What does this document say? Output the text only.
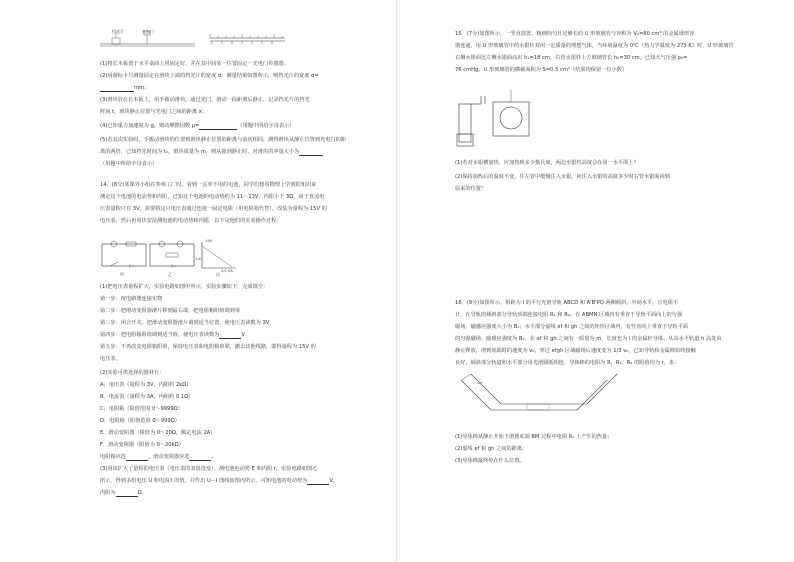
挡光片	光电门
(1)将长木板置于水平桌面上用固定好，并在其中间某一位置固定一光电门传感器；
(2)用游标卡尺测量固定在滑块上端的挡光片的宽度 d，测量结果如图所示，则挡光片的宽度 d=
mm；
(3)滑块放在长木板上，用手拨动滑块，通过光门，滑动一段距离后静止，记录挡光片的挡光
时间 t，滑块静止位置与光电门之间的距离 x；
(4)已知重力加速度为 g，则动摩擦因数 μ=	（用题中所给字母表示）
(5)若其次实验时，手拨动滑块的位置到滑块静止位置的距离与前次相同，测得滑块从静止位置到光电门的距
离的两倍，已知挡光时间为 t₂，滑块质量为 m，则从拨到静止时，对滑块的冲量大小为
（用题中所给字母表示）
14．(8分)某课外小组在参观工厂时，看到一丢弃不用的电池，同学们想用物理上学到的知识来
测定这个电池的电动势和内阻，已知这个电池的电动势约为 11～13V，内阻小于 3Ω，由于直流电
压表量程只有 3V，需要将这只电压表通过连接一固定电阻（用电阻箱代替），改装为量程为 15V 的
电压表，然后再用伏安法测电池的电动势和内阻，以下是他们的实验操作过程：
甲	乙	丙
U/V
I/A
1.6
2.0
(1)把电压表量程扩大，实验电路如图甲所示，实验步骤如下，完成填空：
第一步：按电路图连接实物
第二步：把滑动变阻器滑片移到最右端，把电阻箱阻值调到零
第三步：闭合开关，把滑动变阻器滑片调到适当位置，使电压表读数为 3V
第四步：把电阻箱阻值调到适当值，使电压表读数为	V
第五步：不再改变电阻箱阻值，保持电压表和电阻箱串联，撤去其他线路，即得量程为 15V 的
电压表。
(2)实验可供选择的器材有：
A．电压表（量程为 3V，内阻约 2kΩ）
B．电流表（量程为 3A，内阻约 0.1Ω）
C．电阻箱（阻值范围 0～9999Ω）
D．电阻箱（阻值范围 0～999Ω）
E．滑动变阻器（阻值为 0～20Ω，额定电流 2A）
F．滑动变阻器（阻值为 0～20kΩ）
电阻箱应选	，滑动变阻器应选	。
(3)用该扩大了量程的电压表（电压表的表盘没变），测电池电动势 E 和内阻 r，实验电路如图乙
所示，得到多组电压 U 和电流 I 的值，并作出 U－I 图线如图丙所示，可知电池的电动势为	V，
内阻为	Ω。
15．(7分)如图所示，一竖直放置、粗细均匀且足够长的 U 形玻璃管与容积为 V₀=80 cm³ 的金属球形容
器连通，用 U 形玻璃管中的水银柱封闭一定质量的理想气体，当环境温度为 0℃（热力学温度为 273 K）时，U 形玻璃管
右侧水银面比左侧水银面高出 h₁=18 cm，右管水银柱上方玻璃管长 h₀=30 cm。已知大气压强 p₀=
76 cmHg，U 形玻璃管的横截面积为 S=0.5 cm²（结果均保留一位小数）
(1)若对水银槽加热，应加热到多少摄氏度，两边水银柱高度会在同一水平面上？
(2)保持加热后的温度不变，往左管中缓慢注入水银，问注入水银的高度多少时右管水银面回到
原来的位置？
16．(9分)如图所示，相距为 l 的平行光滑导轨 ABCD 和 A'B'PQ 两侧倾斜，中间水平，且电阻不
计，在导轨的倾斜部分导轨顶端连接电阻 R₁ 和 R₂，在 ABMN 区域内有垂直于导轨平面向上的匀强
磁场，磁感应强度大小为 B₁；水平部分虚线 ef 和 gh 之间的矩形区域内，有竖直向上垂直于导轨平面
的匀强磁场，磁感应强度为 B₂，在 ef 和 gh 之间有一质量为 m、长度也为 l 的金属杆导体，从高水平轨道 h 高处由
静止释放，滑到底端时的速度为 v₀，穿过 efgh 区域磁场后速度变为 1/3 v₀，已知导轨和金属棒始终接触
良好，倾斜部分轨道和水平部分用光滑圆弧相连，导体棒的电阻为 R，R₁、R₂ 的阻值均为 r，求：
(1)导体棒从静止开始下滑到底端 BM 过程中电阻 R₁ 上产生的热量；
(2)虚线 ef 和 gh 之间的距离；
(3)导体棒最终停在什么位置。
